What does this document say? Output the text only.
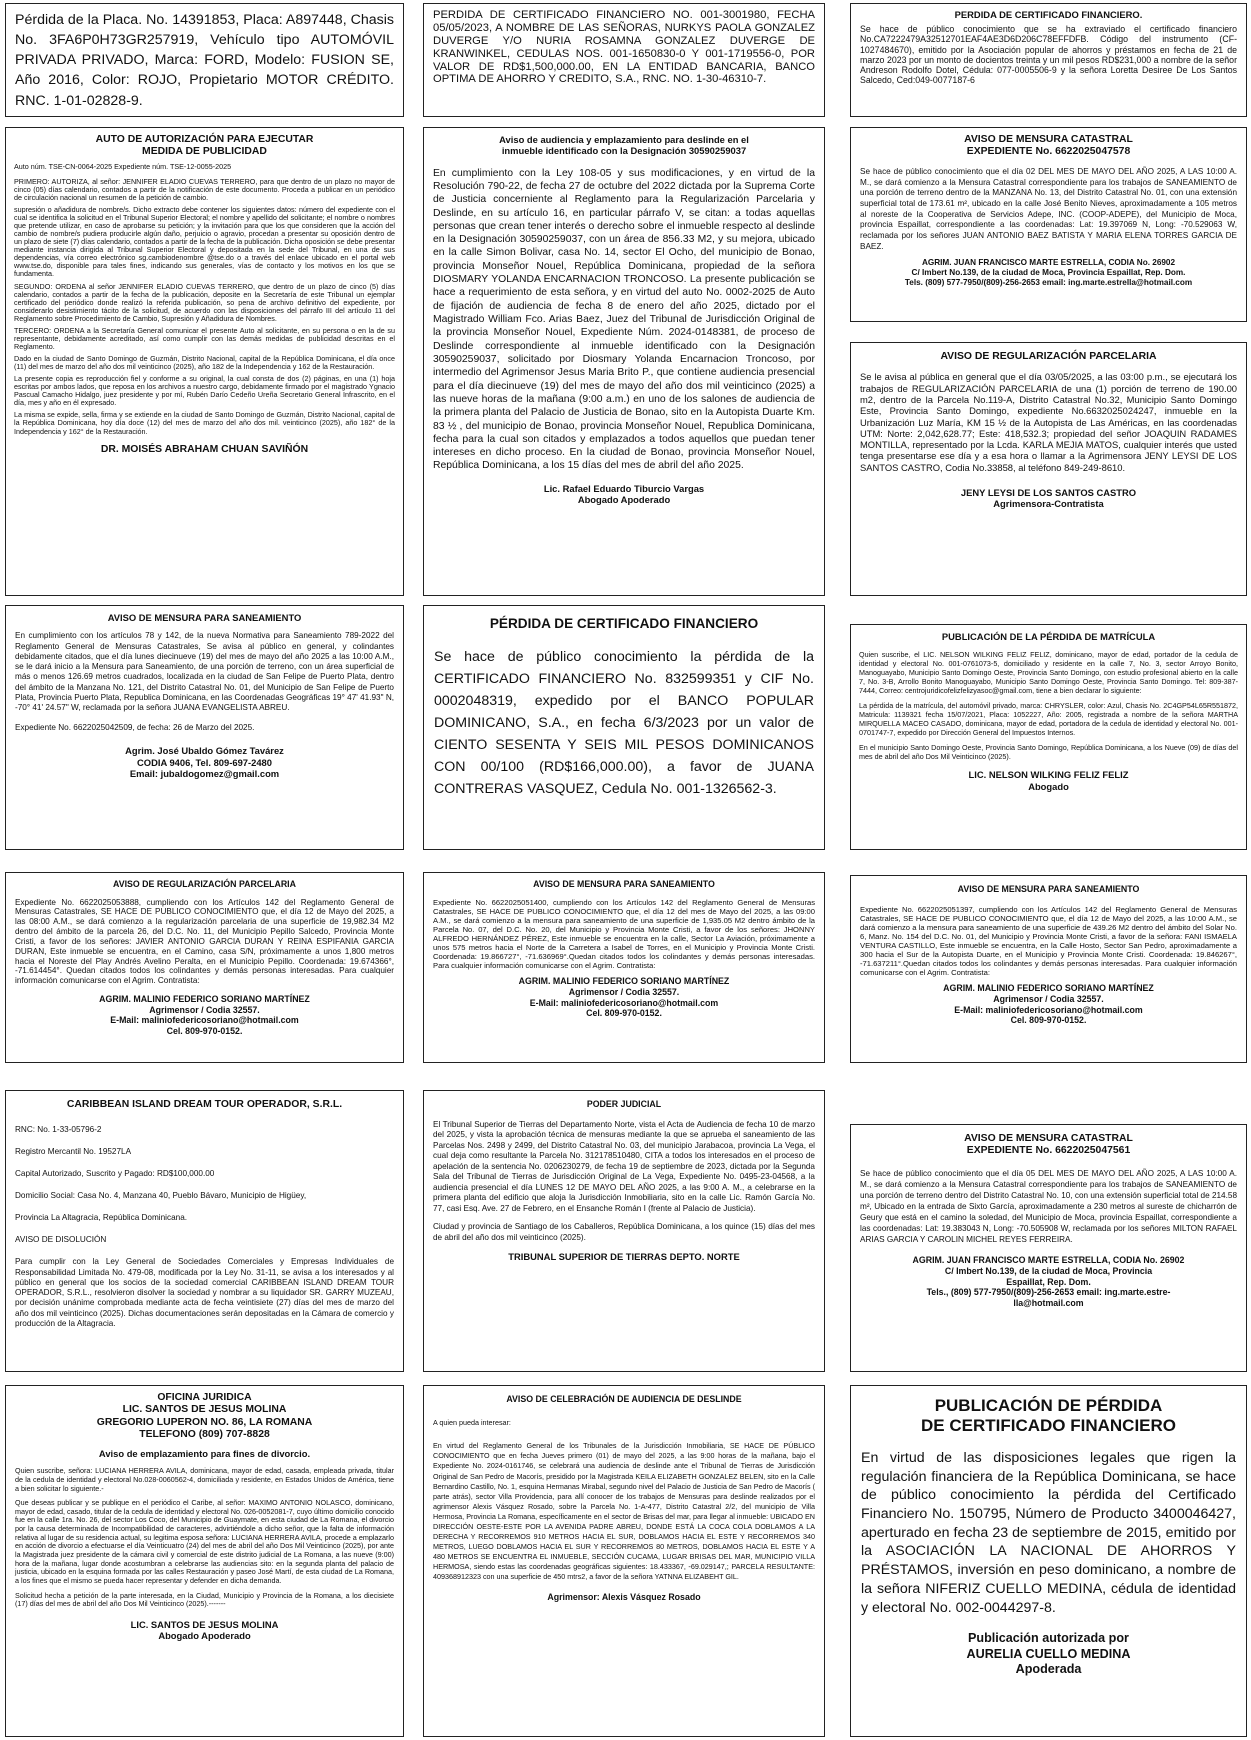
Pérdida de la Placa. No. 14391853, Placa: A897448, Chasis No. 3FA6P0H73GR257919, Vehículo tipo AUTOMÓVIL PRIVADA PRIVADO, Marca: FORD, Modelo: FUSION SE, Año 2016, Color: ROJO, Propietario MOTOR CRÉDITO. RNC. 1-01-02828-9.

PERDIDA DE CERTIFICADO FINANCIERO NO. 001-3001980, FECHA 05/05/2023, A NOMBRE DE LAS SEÑORAS, NURKYS PAOLA GONZALEZ DUVERGE Y/O NURIA ROSAMNA GONZALEZ DUVERGE DE KRANWINKEL, CEDULAS NOS. 001-1650830-0 Y 001-1719556-0, POR VALOR DE RD$1,500,000.00, EN LA ENTIDAD BANCARIA, BANCO OPTIMA DE AHORRO Y CREDITO, S.A., RNC. NO. 1-30-46310-7.

PERDIDA DE CERTIFICADO FINANCIERO.

Se hace de público conocimiento que se ha extraviado el certificado financiero No.CA7222479A32512701EAF4AE3D6D206C78EFFDFB. Código del instrumento (CF-1027484670), emitido por la Asociación popular de ahorros y préstamos en fecha de 21 de marzo 2023 por un monto de docientos treinta y un mil pesos RD$231,000 a nombre de la señor Andreson Rodolfo Dotel, Cédula: 077-0005506-9 y la señora Loretta Desiree De Los Santos Salcedo, Ced:049-0077187-6

AUTO DE AUTORIZACIÓN PARA EJECUTAR
MEDIDA DE PUBLICIDAD

Auto núm. TSE-CN-0064-2025 Expediente núm. TSE-12-0055-2025

PRIMERO: AUTORIZA, al señor: JENNIFER ELADIO CUEVAS TERRERO, para que dentro de un plazo no mayor de cinco (05) días calendario, contados a partir de la notificación de este documento. Proceda a publicar en un periódico de circulación nacional un resumen de la petición de cambio.

supresión o añadidura de nombre/s. Dicho extracto debe contener los siguientes datos: número del expediente con el cual se identifica la solicitud en el Tribunal Superior Electoral; el nombre y apellido del solicitante; el nombre o nombres que pretende utilizar, en caso de aprobarse su petición; y la invitación para que los que consideren que la acción del cambio de nombre/s pudiera producirle algún daño, perjuicio o agravio, procedan a presentar su oposición dentro de un plazo de siete (7) días calendario, contados a partir de la fecha de la publicación. Dicha oposición se debe presentar mediante instancia dirigida al Tribunal Superior Electoral y depositada en la sede del Tribunal, en una de sus dependencias, vía correo electrónico sg.cambiodenombre @tse.do o a través del enlace ubicado en el portal web www.tse.do, disponible para tales fines, indicando sus generales, vías de contacto y los motivos en los que se fundamenta.

SEGUNDO: ORDENA al señor JENNIFER ELADIO CUEVAS TERRERO, que dentro de un plazo de cinco (5) días calendario, contados a partir de la fecha de la publicación, deposite en la Secretaría de este Tribunal un ejemplar certificado del periódico donde realizó la referida publicación, so pena de archivo definitivo del expediente, por considerarlo desistimiento tácito de la solicitud, de acuerdo con las disposiciones del párrafo III del artículo 11 del Reglamento sobre Procedimiento de Cambio, Supresión y Añadidura de Nombres.

TERCERO: ORDENA a la Secretaría General comunicar el presente Auto al solicitante, en su persona o en la de su representante, debidamente acreditado, así como cumplir con las demás medidas de publicidad descritas en el Reglamento.

Dado en la ciudad de Santo Domingo de Guzmán, Distrito Nacional, capital de la República Dominicana, el día once (11) del mes de marzo del año dos mil veinticinco (2025), año 182 de la Independencia y 162 de la Restauración.

La presente copia es reproducción fiel y conforme a su original, la cual consta de dos (2) páginas, en una (1) hoja escritas por ambos lados, que reposa en los archivos a nuestro cargo, debidamente firmado por el magistrado Ygnacio Pascual Camacho Hidalgo, juez presidente y por mí, Rubén Darío Cedeño Ureña Secretario General Infrascrito, en el día, mes y año en él expresado.

La misma se expide, sella, firma y se extiende en la ciudad de Santo Domingo de Guzmán, Distrito Nacional, capital de la República Dominicana, hoy día doce (12) del mes de marzo del año dos mil. veinticinco (2025), año 182° de la Independencia y 162° de la Restauración.

DR. MOISÉS ABRAHAM CHUAN SAVIÑÓN

Aviso de audiencia y emplazamiento para deslinde en el
inmueble identificado con la Designación 30590259037

En cumplimiento con la Ley 108-05 y sus modificaciones, y en virtud de la Resolución 790-22, de fecha 27 de octubre del 2022 dictada por la Suprema Corte de Justicia concerniente al Reglamento para la Regularización Parcelaria y Deslinde, en su artículo 16, en particular párrafo V, se citan: a todas aquellas personas que crean tener interés o derecho sobre el inmueble respecto al deslinde en la Designación 30590259037, con un área de 856.33 M2, y su mejora, ubicado en la calle Simon Bolivar, casa No. 14, sector El Ocho, del municipio de Bonao, provincia Monseñor Nouel, República Dominicana, propiedad de la señora DIOSMARY YOLANDA ENCARNACION TRONCOSO. La presente publicación se hace a requerimiento de esta señora, y en virtud del auto No. 0002-2025 de Auto de fijación de audiencia de fecha 8 de enero del año 2025, dictado por el Magistrado William Fco. Arias Baez, Juez del Tribunal de Jurisdicción Original de la provincia Monseñor Nouel, Expediente Núm. 2024-0148381, de proceso de Deslinde correspondiente al inmueble identificado con la Designación 30590259037, solicitado por Diosmary Yolanda Encarnacion Troncoso, por intermedio del Agrimensor Jesus Maria Brito P., que contiene audiencia presencial para el día diecinueve (19) del mes de mayo del año dos mil veinticinco (2025) a las nueve horas de la mañana (9:00 a.m.) en uno de los salones de audiencia de la primera planta del Palacio de Justicia de Bonao, sito en la Autopista Duarte Km. 83 ½ , del municipio de Bonao, provincia Monseñor Nouel, Republica Dominicana, fecha para la cual son citados y emplazados a todos aquellos que puedan tener intereses en dicho proceso. En la ciudad de Bonao, provincia Monseñor Nouel, República Dominicana, a los 15 días del mes de abril del año 2025.

Lic. Rafael Eduardo Tiburcio Vargas
Abogado Apoderado

AVISO DE MENSURA CATASTRAL
EXPEDIENTE No. 6622025047578

Se hace de público conocimiento que el día 02 DEL MES DE MAYO DEL AÑO 2025, A LAS 10:00 A. M., se dará comienzo a la Mensura Catastral correspondiente para los trabajos de SANEAMIENTO de una porción de terreno dentro de la MANZANA No. 13, del Distrito Catastral No. 01, con una extensión superficial total de 173.61 m², ubicado en la calle José Benito Nieves, aproximadamente a 105 metros al noreste de la Cooperativa de Servicios Adepe, INC. (COOP-ADEPE), del Municipio de Moca, provincia Espaillat, correspondiente a las coordenadas: Lat: 19.397069 N, Long: -70.529063 W, reclamada por los señores JUAN ANTONIO BAEZ BATISTA Y MARIA ELENA TORRES GARCIA DE BAEZ.

AGRIM. JUAN FRANCISCO MARTE ESTRELLA, CODIA No. 26902
C/ Imbert No.139, de la ciudad de Moca, Provincia Espaillat, Rep. Dom.
Tels. (809) 577-7950/(809)-256-2653 email: ing.marte.estrella@hotmail.com

AVISO DE REGULARIZACIÓN PARCELARIA

Se le avisa al pública en general que el día 03/05/2025, a las 03:00 p.m., se ejecutará los trabajos de REGULARIZACIÓN PARCELARIA de una (1) porción de terreno de 190.00 m2, dentro de la Parcela No.119-A, Distrito Catastral No.32, Municipio Santo Domingo Este, Provincia Santo Domingo, expediente No.6632025024247, inmueble en la Urbanización Luz María, KM 15 ½ de la Autopista de Las Américas, en las coordenadas UTM: Norte: 2,042,628.77; Este: 418,532.3; propiedad del señor JOAQUIN RADAMES MONTILLA, representado por la Lcda. KARLA MEJIA MATOS, cualquier interés que usted tenga presentarse ese día y a esa hora o llamar a la Agrimensora JENY LEYSI DE LOS SANTOS CASTRO, Codia No.33858, al teléfono 849-249-8610.

JENY LEYSI DE LOS SANTOS CASTRO
Agrimensora-Contratista

AVISO DE MENSURA PARA SANEAMIENTO

En cumplimiento con los artículos 78 y 142, de la nueva Normativa para Saneamiento 789-2022 del Reglamento General de Mensuras Catastrales, Se avisa al público en general, y colindantes debidamente citados, que el día lunes diecinueve (19) del mes de mayo del año 2025 a las 10:00 A.M., se le dará inicio a la Mensura para Saneamiento, de una porción de terreno, con un área superficial de más o menos 126.69 metros cuadrados, localizada en la ciudad de San Felipe de Puerto Plata, dentro del ámbito de la Manzana No. 121, del Distrito Catastral No. 01, del Municipio de San Felipe de Puerto Plata, Provincia Puerto Plata, Republica Dominicana, en las Coordenadas Geográficas 19° 47' 41.93" N, -70° 41' 24.57" W, reclamada por la señora JUANA EVANGELISTA ABREU.

Expediente No. 6622025042509, de fecha: 26 de Marzo del 2025.

Agrim. José Ubaldo Gómez Tavárez
CODIA 9406, Tel. 809-697-2480
Email: jubaldogomez@gmail.com

PÉRDIDA DE CERTIFICADO FINANCIERO

Se hace de público conocimiento la pérdida de la CERTIFICADO FINANCIERO No. 832599351 y CIF No. 0002048319, expedido por el BANCO POPULAR DOMINICANO, S.A., en fecha 6/3/2023 por un valor de CIENTO SESENTA Y SEIS MIL PESOS DOMINICANOS CON 00/100 (RD$166,000.00), a favor de JUANA CONTRERAS VASQUEZ, Cedula No. 001-1326562-3.

PUBLICACIÓN DE LA PÉRDIDA DE MATRÍCULA

Quien suscribe, el LIC. NELSON WILKING FELIZ FELIZ, dominicano, mayor de edad, portador de la cedula de identidad y electoral No. 001-0761073-5, domiciliado y residente en la calle 7, No. 3, sector Arroyo Bonito, Manoguayabo, Municipio Santo Domingo Oeste, Provincia Santo Domingo, con estudio profesional abierto en la calle 7, No. 3-B, Arrollo Bonito Manoguayabo, Municipio Santo Domingo Oeste, Provincia Santo Domingo. Tel: 809-387-7444, Correo: centrojuridicofelizfelizyasoc@gmail.com, tiene a bien declarar lo siguiente:

La pérdida de la matrícula, del automóvil privado, marca: CHRYSLER, color: Azul, Chasis No. 2C4GP54L65R551872, Matricula: 1139321 fecha 15/07/2021, Placa: 1052227, Año: 2005, registrada a nombre de la señora MARTHA MIRQUELLA MACEO CASADO, dominicana, mayor de edad, portadora de la cedula de identidad y electoral No. 001-0701747-7, expedido por Dirección General del Impuestos Internos.

En el municipio Santo Domingo Oeste, Provincia Santo Domingo, República Dominicana, a los Nueve (09) de días del mes de abril del año Dos Mil Veinticinco (2025).

LIC. NELSON WILKING FELIZ FELIZ
Abogado

AVISO DE REGULARIZACIÓN PARCELARIA

Expediente No. 6622025053888, cumpliendo con los Artículos 142 del Reglamento General de Mensuras Catastrales, SE HACE DE PUBLICO CONOCIMIENTO que, el día 12 de Mayo del 2025, a las 08:00 A.M., se dará comienzo a la regularización parcelaria de una superficie de 19,982.34 M2 dentro del ámbito de la parcela 26, del D.C. No. 11, del Municipio Pepillo Salcedo, Provincia Monte Cristi, a favor de los señores: JAVIER ANTONIO GARCIA DURAN Y REINA ESPIFANIA GARCIA DURAN, Este inmueble se encuentra, en el Camino, casa S/N, próximamente a unos 1,800 metros hacia el Noreste del Play Andrés Avelino Peralta, en el Municipio Pepillo. Coordenada: 19.674366°, -71.614454°. Quedan citados todos los colindantes y demás personas interesadas. Para cualquier información comunicarse con el Agrim. Contratista:

AGRIM. MALINIO FEDERICO SORIANO MARTÍNEZ
Agrimensor / Codia 32557.
E-Mail: maliniofedericosoriano@hotmail.com
Cel. 809-970-0152.

AVISO DE MENSURA PARA SANEAMIENTO

Expediente No. 6622025051400, cumpliendo con los Artículos 142 del Reglamento General de Mensuras Catastrales, SE HACE DE PUBLICO CONOCIMIENTO que, el día 12 del mes de Mayo del 2025, a las 09:00 A.M., se dará comienzo a la mensura para saneamiento de una superficie de 1,935.05 M2 dentro ámbito de la Parcela No. 07, del D.C. No. 20, del Municipio y Provincia Monte Cristi, a favor de los señores: JHONNY ALFREDO HERNÁNDEZ PÉREZ, Este inmueble se encuentra en la calle, Sector La Aviación, próximamente a unos 575 metros hacia el Norte de la Carretera a Isabel de Torres, en el Municipio y Provincia Monte Cristi. Coordenada: 19.866727°, -71.636969°.Quedan citados todos los colindantes y demás personas interesadas. Para cualquier información comunicarse con el Agrim. Contratista:

AGRIM. MALINIO FEDERICO SORIANO MARTÍNEZ
Agrimensor / Codia 32557.
E-Mail: maliniofedericosoriano@hotmail.com
Cel. 809-970-0152.

AVISO DE MENSURA PARA SANEAMIENTO

Expediente No. 6622025051397, cumpliendo con los Artículos 142 del Reglamento General de Mensuras Catastrales, SE HACE DE PUBLICO CONOCIMIENTO que, el día 12 de Mayo del 2025, a las 10:00 A.M., se dará comienzo a la mensura para saneamiento de una superficie de 439.26 M2 dentro del ámbito del Solar No. 6, Manz. No. 154 del D.C. No. 01, del Municipio y Provincia Monte Cristi, a favor de la señora: FANI ISMAELA VENTURA CASTILLO, Este inmueble se encuentra, en la Calle Hosto, Sector San Pedro, aproximadamente a 300 hacia el Sur de la Autopista Duarte, en el Municipio y Provincia Monte Cristi. Coordenada: 19.846267°, -71.637211°.Quedan citados todos los colindantes y demás personas interesadas. Para cualquier información comunicarse con el Agrim. Contratista:

AGRIM. MALINIO FEDERICO SORIANO MARTÍNEZ
Agrimensor / Codia 32557.
E-Mail: maliniofedericosoriano@hotmail.com
Cel. 809-970-0152.

CARIBBEAN ISLAND DREAM TOUR OPERADOR, S.R.L.

RNC: No. 1-33-05796-2

Registro Mercantil No. 19527LA

Capital Autorizado, Suscrito y Pagado: RD$100,000.00

Domicilio Social: Casa No. 4, Manzana 40, Pueblo Bávaro, Municipio de Higüey,

Provincia La Altagracia, República Dominicana.

AVISO DE DISOLUCIÓN

Para cumplir con la Ley General de Sociedades Comerciales y Empresas Individuales de Responsabilidad Limitada No. 479-08, modificada por la Ley No. 31-11, se avisa a los interesados y al público en general que los socios de la sociedad comercial CARIBBEAN ISLAND DREAM TOUR OPERADOR, S.R.L., resolvieron disolver la sociedad y nombrar a su liquidador SR. GARRY MUZEAU, por decisión unánime comprobada mediante acta de fecha veintisiete (27) días del mes de marzo del año dos mil veinticinco (2025). Dichas documentaciones serán depositadas en la Cámara de comercio y producción de la Altagracia.

PODER JUDICIAL

El Tribunal Superior de Tierras del Departamento Norte, vista el Acta de Audiencia de fecha 10 de marzo del 2025, y vista la aprobación técnica de mensuras mediante la que se aprueba el saneamiento de las Parcelas Nos. 2498 y 2499, del Distrito Catastral No. 03, del municipio Jarabacoa, provincia La Vega, el cual deja como resultante la Parcela No. 312178510480, CITA a todos los interesados en el proceso de apelación de la sentencia No. 0206230279, de fecha 19 de septiembre de 2023, dictada por la Segunda Sala del Tribunal de Tierras de Jurisdicción Original de La Vega, Expediente No. 0495-23-04568, a la audiencia presencial el día LUNES 12 DE MAYO DEL AÑO 2025, a las 9:00 A. M., a celebrarse en la primera planta del edificio que aloja la Jurisdicción Inmobiliaria, sito en la calle Lic. Ramón García No. 77, casi Esq. Ave. 27 de Febrero, en el Ensanche Román I (frente al Palacio de Justicia).

Ciudad y provincia de Santiago de los Caballeros, República Dominicana, a los quince (15) días del mes de abril del año dos mil veinticinco (2025).

TRIBUNAL SUPERIOR DE TIERRAS DEPTO. NORTE

AVISO DE MENSURA CATASTRAL
EXPEDIENTE No. 6622025047561

Se hace de público conocimiento que el día 05 DEL MES DE MAYO DEL AÑO 2025, A LAS 10:00 A. M., se dará comienzo a la Mensura Catastral correspondiente para los trabajos de SANEAMIENTO de una porción de terreno dentro del Distrito Catastral No. 10, con una extensión superficial total de 214.58 m², Ubicado en la entrada de Sixto García, aproximadamente a 230 metros al sureste de chicharrón de Geury que está en el camino la soledad, del Municipio de Moca, provincia Espaillat, correspondiente a las coordenadas: Lat: 19.383043 N, Long: -70.505908 W, reclamada por los señores MILTON RAFAEL ARIAS GARCIA Y CAROLIN MICHEL REYES FERREIRA.

AGRIM. JUAN FRANCISCO MARTE ESTRELLA, CODIA No. 26902
C/ Imbert No.139, de la ciudad de Moca, Provincia
Espaillat, Rep. Dom.
Tels., (809) 577-7950/(809)-256-2653 email: ing.marte.estre-
lla@hotmail.com

OFICINA JURIDICA
LIC. SANTOS DE JESUS MOLINA
GREGORIO LUPERON NO. 86, LA ROMANA
TELEFONO (809) 707-8828

Aviso de emplazamiento para fines de divorcio.

Quien suscribe, señora: LUCIANA HERRERA AVILA, dominicana, mayor de edad, casada, empleada privada, titular de la cedula de identidad y electoral No.028-0060562-4, domiciliada y residente, en Estados Unidos de América, tiene a bien solicitar lo siguiente.-

Que deseas publicar y se publique en el periódico el Caribe, al señor: MAXIMO ANTONIO NOLASCO, dominicano, mayor de edad, casado, titular de la cedula de identidad y electoral No. 026-0052081-7, cuyo último domicilio conocido fue en la calle 1ra. No. 26, del sector Los Coco, del Municipio de Guaymate, en esta ciudad de La Romana, el divorcio por la causa determinada de Incompatibilidad de caracteres, advirtiéndole a dicho señor, que la falta de información relativa al lugar de su residencia actual, su legitima esposa señora: LUCIANA HERRERA AVILA, procede a emplazarlo en acción de divorcio a efectuarse el día Veinticuatro (24) del mes de abril del año Dos Mil Veinticinco (2025), por ante la Magistrada juez presidente de la cámara civil y comercial de este distrito judicial de La Romana, a las nueve (9:00) hora de la mañana, lugar donde acostumbran a celebrarse las audiencias sito: en la segunda planta del palacio de justicia, ubicado en la esquina formada por las calles Restauración y paseo José Martí, de esta ciudad de La Romana, a los fines que el mismo se pueda hacer representar y defender en dicha demanda.

Solicitud hecha a petición de la parte interesada, en la Ciudad, Municipio y Provincia de la Romana, a los diecisiete (17) días del mes de abril del año Dos Mil Veinticinco (2025).-------

LIC. SANTOS DE JESUS MOLINA
Abogado Apoderado

AVISO DE CELEBRACIÓN DE AUDIENCIA DE DESLINDE

A quien pueda interesar:

En virtud del Reglamento General de los Tribunales de la Jurisdicción Inmobiliaria, SE HACE DE PÚBLICO CONOCIMIENTO que en fecha Jueves primero (01) de mayo del 2025, a las 9:00 horas de la mañana, bajo el Expediente No. 2024-0161746, se celebrará una audiencia de deslinde ante el Tribunal de Tierras de Jurisdicción Original de San Pedro de Macorís, presidido por la Magistrada KEILA ELIZABETH GONZALEZ BELEN, sito en la Calle Bernardino Castillo, No. 1, esquina Hermanas Mirabal, segundo nivel del Palacio de Justicia de San Pedro de Macorís ( parte atrás), sector Villa Providencia, para allí conocer de los trabajos de Mensuras para deslinde realizados por el agrimensor Alexis Vásquez Rosado, sobre la Parcela No. 1-A-477, Distrito Catastral 2/2, del municipio de Villa Hermosa, Provincia La Romana, específicamente en el sector de Brisas del mar, para llegar al inmueble: UBICADO EN DIRECCIÓN OESTE-ESTE POR LA AVENIDA PADRE ABREU, DONDE ESTÁ LA COCA COLA DOBLAMOS A LA DERECHA Y RECORREMOS 910 METROS HACIA EL SUR, DOBLAMOS HACIA EL ESTE Y RECORREMOS 340 METROS, LUEGO DOBLAMOS HACIA EL SUR Y RECORREMOS 80 METROS, DOBLAMOS HACIA EL ESTE Y A 480 METROS SE ENCUENTRA EL INMUEBLE, SECCIÓN CUCAMA, LUGAR BRISAS DEL MAR, MUNICIPIO VILLA HERMOSA, siendo estas las coordenadas geográficas siguientes: 18.433367, -69.029147,; PARCELA RESULTANTE: 409368912323 con una superficie de 450 mtrs2, a favor de la señora YATNNA ELIZABEHT GIL.

Agrimensor: Alexis Vásquez Rosado

PUBLICACIÓN DE PÉRDIDA
DE CERTIFICADO FINANCIERO

En virtud de las disposiciones legales que rigen la regulación financiera de la República Dominicana, se hace de público conocimiento la pérdida del Certificado Financiero No. 150795, Número de Producto 3400046427, aperturado en fecha 23 de septiembre de 2015, emitido por la ASOCIACIÓN LA NACIONAL DE AHORROS Y PRÉSTAMOS, inversión en peso dominicano, a nombre de la señora NIFERIZ CUELLO MEDINA, cédula de identidad y electoral No. 002-0044297-8.

Publicación autorizada por
AURELIA CUELLO MEDINA
Apoderada
